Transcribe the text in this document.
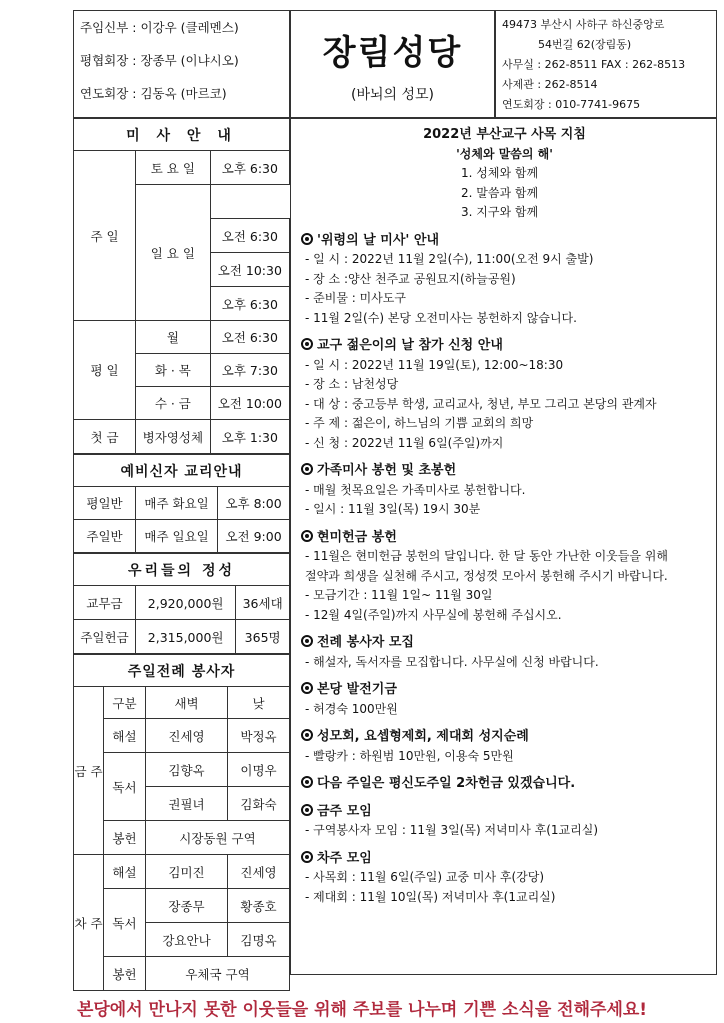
주임신부 : 이강우 (클레멘스)
평협회장 : 장종무 (이냐시오)
연도회장 : 김동옥 (마르코)
장림성당
(바뇌의 성모)
49473 부산시 사하구 하신중앙로
54번길 62(장림동)
사무실 : 262-8511 FAX : 262-8513
사제관 : 262-8514
연도회장 : 010-7741-9675
미 사 안 내		
주 일	토 요 일	오후 6:30
	일 요 일
		오전 6:30
		오전 10:30
		오후 6:30
평 일	월	오전 6:30
	화 · 목	오후 7:30
	수 · 금	오전 10:00
첫 금	병자영성체	오후 1:30
예비신자 교리안내		
평일반	매주 화요일	오후 8:00
주일반	매주 일요일	오전 9:00
우리들의 정성		
교무금	2,920,000원	36세대
주일헌금	2,315,000원	365명
주일전례 봉사자			
금 주	구분	새벽	낮
	해설	진세영	박정옥
	독서	김향옥	이명우
		권필녀	김화숙
	봉헌	시장동원 구역	
차 주	해설	김미진	진세영
	독서	장종무	황종호
		강요안나	김명옥
	봉헌	우체국 구역	
2022년 부산교구 사목 지침
'성체와 말씀의 해'
1. 성체와 함께
2. 말씀과 함께
3. 지구와 함께
'위령의 날 미사' 안내
- 일 시 : 2022년 11월 2일(수), 11:00(오전 9시 출발)
- 장 소 :양산 천주교 공원묘지(하늘공원)
- 준비물 : 미사도구
- 11월 2일(수) 본당 오전미사는 봉헌하지 않습니다.
교구 젊은이의 날 참가 신청 안내
- 일 시 : 2022년 11월 19일(토), 12:00~18:30
- 장 소 : 남천성당
- 대 상 : 중고등부 학생, 교리교사, 청년, 부모 그리고 본당의 관계자
- 주 제 : 젊은이, 하느님의 기쁨 교회의 희망
- 신 청 : 2022년 11월 6일(주일)까지
가족미사 봉헌 및 초봉헌
- 매월 첫목요일은 가족미사로 봉헌합니다.
- 일시 : 11월 3일(목) 19시 30분
현미헌금 봉헌
- 11월은 현미헌금 봉헌의 달입니다. 한 달 동안 가난한 이웃들을 위해
절약과 희생을 실천해 주시고, 정성껏 모아서 봉헌해 주시기 바랍니다.
- 모금기간 : 11월 1일~ 11월 30일
- 12월 4일(주일)까지 사무실에 봉헌해 주십시오.
전례 봉사자 모집
- 해설자, 독서자를 모집합니다. 사무실에 신청 바랍니다.
본당 발전기금
- 허경숙 100만원
성모회, 요셉형제회, 제대회 성지순례
- 빨랑카 : 하원범 10만원, 이용숙 5만원
다음 주일은 평신도주일 2차헌금 있겠습니다.
금주 모임
- 구역봉사자 모임 : 11월 3일(목) 저녁미사 후(1교리실)
차주 모임
- 사목회 : 11월 6일(주일) 교중 미사 후(강당)
- 제대회 : 11월 10일(목) 저녁미사 후(1교리실)
본당에서 만나지 못한 이웃들을 위해 주보를 나누며 기쁜 소식을 전해주세요!
